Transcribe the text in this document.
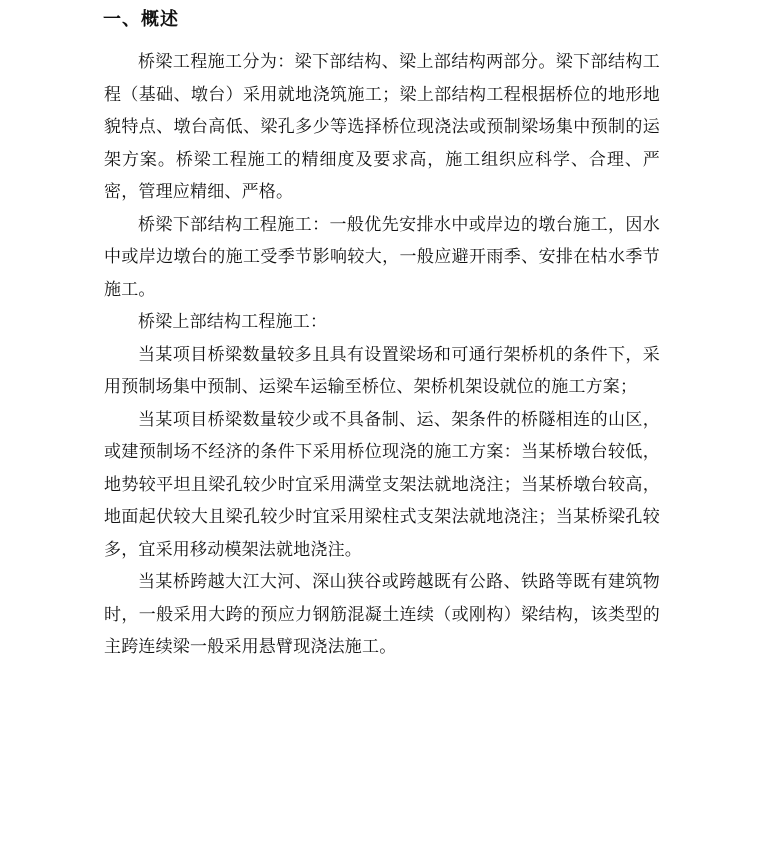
一、概述

桥梁工程施工分为：梁下部结构、梁上部结构两部分。梁下部结构工程（基础、墩台）采用就地浇筑施工；梁上部结构工程根据桥位的地形地貌特点、墩台高低、梁孔多少等选择桥位现浇法或预制梁场集中预制的运架方案。桥梁工程施工的精细度及要求高，施工组织应科学、合理、严密，管理应精细、严格。

桥梁下部结构工程施工：一般优先安排水中或岸边的墩台施工，因水中或岸边墩台的施工受季节影响较大，一般应避开雨季、安排在枯水季节施工。

桥梁上部结构工程施工：

当某项目桥梁数量较多且具有设置梁场和可通行架桥机的条件下，采用预制场集中预制、运梁车运输至桥位、架桥机架设就位的施工方案；

当某项目桥梁数量较少或不具备制、运、架条件的桥隧相连的山区，或建预制场不经济的条件下采用桥位现浇的施工方案：当某桥墩台较低，地势较平坦且梁孔较少时宜采用满堂支架法就地浇注；当某桥墩台较高，地面起伏较大且梁孔较少时宜采用梁柱式支架法就地浇注；当某桥梁孔较多，宜采用移动模架法就地浇注。

当某桥跨越大江大河、深山狭谷或跨越既有公路、铁路等既有建筑物时，一般采用大跨的预应力钢筋混凝土连续（或刚构）梁结构，该类型的主跨连续梁一般采用悬臂现浇法施工。
